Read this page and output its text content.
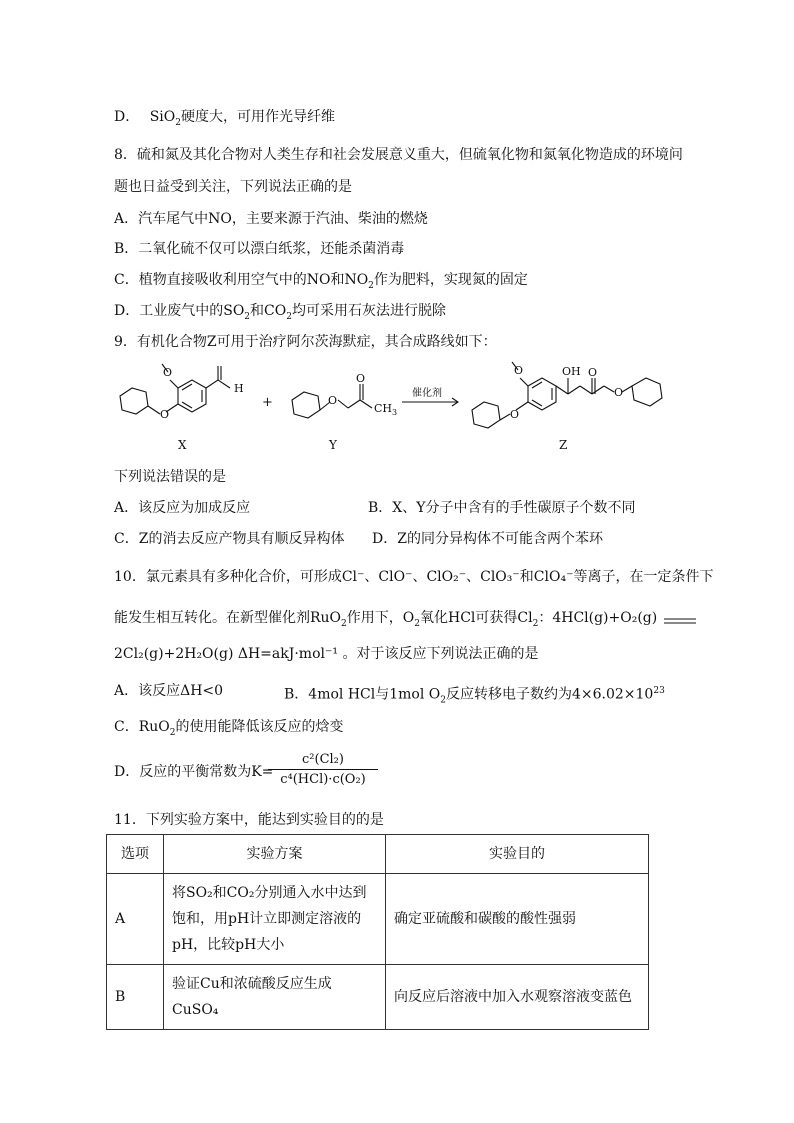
D． SiO$_2$硬度大，可用作光导纤维
8．硫和氮及其化合物对人类生存和社会发展意义重大，但硫氧化物和氮氧化物造成的环境问
题也日益受到关注，下列说法正确的是
A．汽车尾气中NO，主要来源于汽油、柴油的燃烧
B．二氧化硫不仅可以漂白纸浆，还能杀菌消毒
C．植物直接吸收利用空气中的NO和$NO_2$作为肥料，实现氮的固定
D．工业废气中的$SO_2$和$CO_2$均可采用石灰法进行脱除
9．有机化合物Z可用于治疗阿尔茨海默症，其合成路线如下：
O
O
H
O
O
$CH_3$	O
O	OH O
O
+
催化剂
X	Y	Z
下列说法错误的是
A．该反应为加成反应	B．X、Y分子中含有的手性碳原子个数不同
C．Z的消去反应产物具有顺反异构体 D．Z的同分异构体不可能含两个苯环
10．氯元素具有多种化合价，可形成Cl⁻、ClO⁻、ClO₂⁻、ClO₃⁻和ClO₄⁻等离子，在一定条件下
能发生相互转化。在新型催化剂RuO$_2$作用下，$O_2$氧化HCl可获得$Cl_2$：4HCl(g)+O₂(g)
2Cl₂(g)+2H₂O(g) ΔH=akJ·mol⁻¹ 。对于该反应下列说法正确的是
A．该反应ΔH<0	B．4mol HCl与1mol $O_2$反应转移电子数约为$4\times 6.02\times 10^{23}$
C．RuO$_2$的使用能降低该反应的焓变
D．反应的平衡常数为K=
c²(Cl₂)
c⁴(HCl)·c(O₂)
11．下列实验方案中，能达到实验目的的是
选项	实验方案	实验目的
A	将SO₂和CO₂分别通入水中达到饱和，用pH计立即测定溶液的pH，比较pH大小	确定亚硫酸和碳酸的酸性强弱
B	验证Cu和浓硫酸反应生成CuSO₄	向反应后溶液中加入水观察溶液变蓝色
